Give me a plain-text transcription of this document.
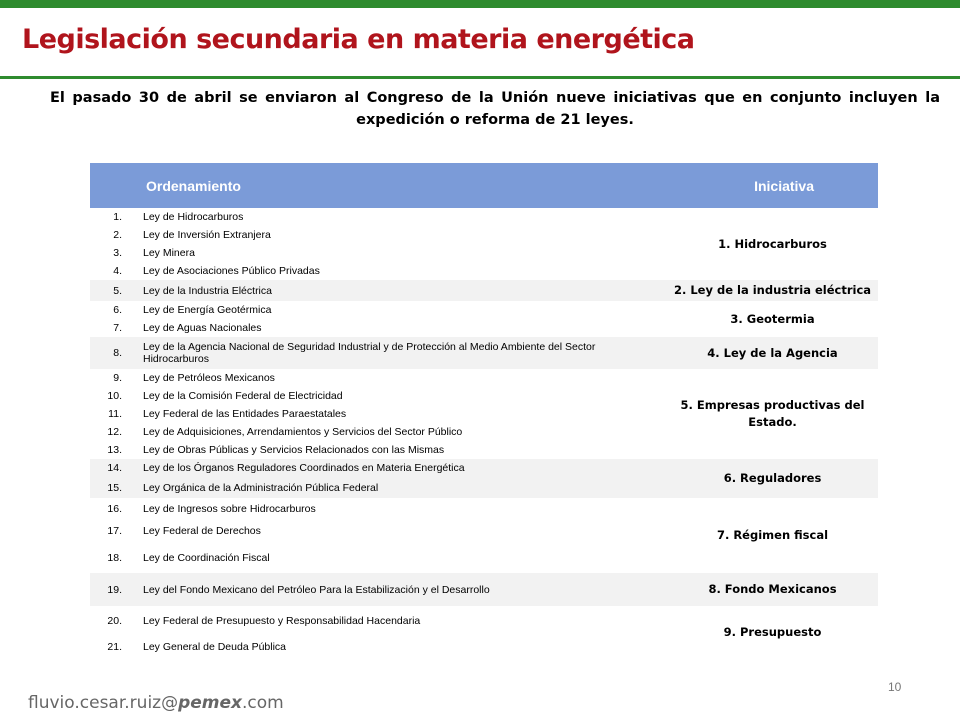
Legislación secundaria en materia energética

El pasado 30 de abril se enviaron al Congreso de la Unión nueve iniciativas que en conjunto incluyen la expedición o reforma de 21 leyes.

Ordenamiento		Iniciativa
1.	Ley de Hidrocarburos	1. Hidrocarburos
2.	Ley de Inversión Extranjera	
3.	Ley Minera	
4.	Ley de Asociaciones Público Privadas	
5.	Ley de la Industria Eléctrica	2. Ley de la industria eléctrica
6.	Ley de Energía Geotérmica	3. Geotermia
7.	Ley de Aguas Nacionales	
8.	Ley de la Agencia Nacional de Seguridad Industrial y de Protección al Medio Ambiente del Sector Hidrocarburos	4. Ley de la Agencia
9.	Ley de Petróleos Mexicanos	5. Empresas productivas del Estado.
10.	Ley de la Comisión Federal de Electricidad	
11.	Ley Federal de las Entidades Paraestatales	
12.	Ley de Adquisiciones, Arrendamientos y Servicios del Sector Público	
13.	Ley de Obras Públicas y Servicios Relacionados con las Mismas	
14.	Ley de los Órganos Reguladores Coordinados en Materia Energética	6. Reguladores
15.	Ley Orgánica de la Administración Pública Federal	
16.	Ley de Ingresos sobre Hidrocarburos	7. Régimen fiscal
17.	Ley Federal de Derechos	
18.	Ley de Coordinación Fiscal	
19.	Ley del Fondo Mexicano del Petróleo Para la Estabilización y el Desarrollo	8. Fondo Mexicanos
20.	Ley Federal de Presupuesto y Responsabilidad Hacendaria	9. Presupuesto
21.	Ley General de Deuda Pública	
10
fluvio.cesar.ruiz@pemex.com
